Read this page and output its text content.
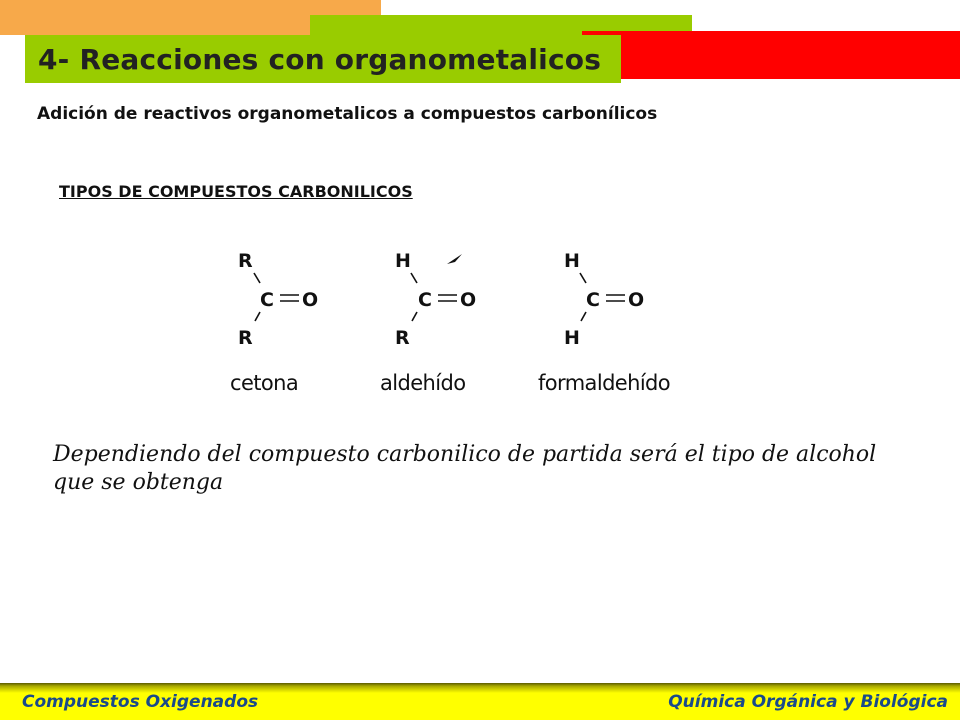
4- Reacciones con organometalicos
Adición de reactivos organometalicos a compuestos carbonílicos
TIPOS DE COMPUESTOS CARBONILICOS
R
C O
R
cetona
H
C O
R
aldehído
H
C O
H
formaldehído
Dependiendo del compuesto carbonilico de partida será el tipo de alcohol que se obtenga
Compuestos Oxigenados	Química Orgánica y Biológica
